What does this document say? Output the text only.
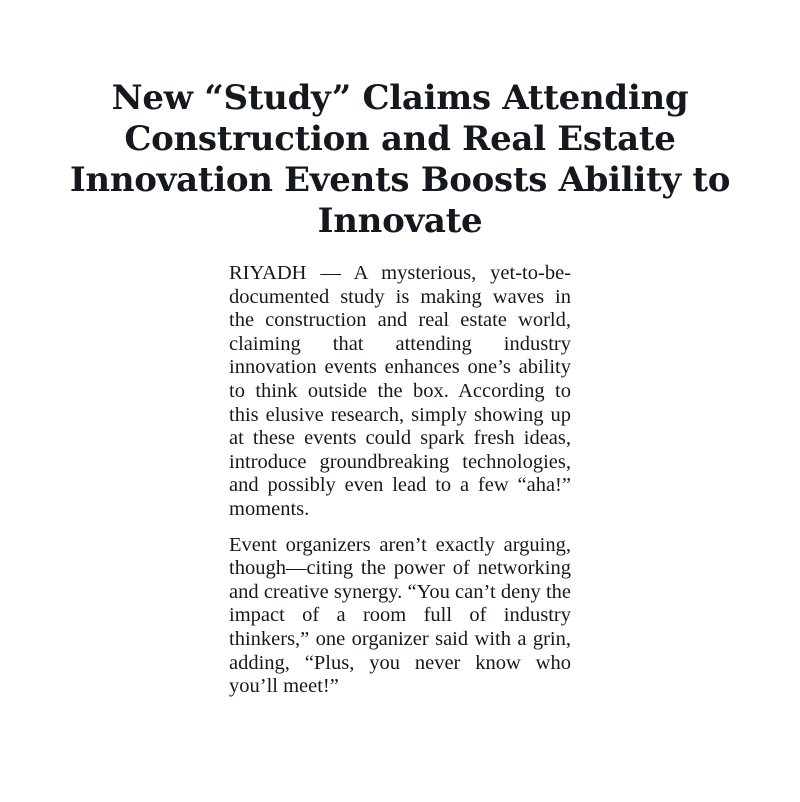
New “Study” Claims Attending Construction and Real Estate Innovation Events Boosts Ability to Innovate

RIYADH — A mysterious, yet-to-be-documented study is making waves in the construction and real estate world, claiming that attending industry innovation events enhances one’s ability to think outside the box. According to this elusive research, simply showing up at these events could spark fresh ideas, introduce groundbreaking technologies, and possibly even lead to a few “aha!” moments.

Event organizers aren’t exactly arguing, though—citing the power of networking and creative synergy. “You can’t deny the impact of a room full of industry thinkers,” one organizer said with a grin, adding, “Plus, you never know who you’ll meet!”
